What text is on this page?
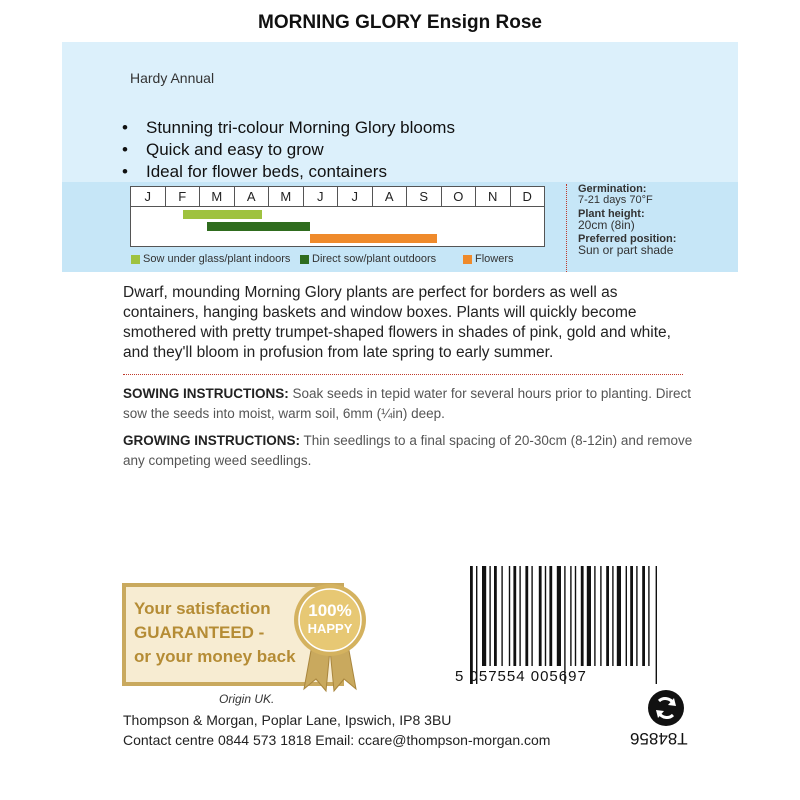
MORNING GLORY Ensign Rose
Hardy Annual
• Stunning tri-colour Morning Glory blooms
• Quick and easy to grow
• Ideal for flower beds, containers
J	F	M	A	M	J	J	A	S	O	N	D
Sow under glass/plant indoors Direct sow/plant outdoors	Flowers
Germination:
7-21 days 70°F
Plant height:
20cm (8in)
Preferred position:
Sun or part shade
Dwarf, mounding Morning Glory plants are perfect for borders as well as containers, hanging baskets and window boxes. Plants will quickly become smothered with pretty trumpet-shaped flowers in shades of pink, gold and white, and they'll bloom in profusion from late spring to early summer.
SOWING INSTRUCTIONS: Soak seeds in tepid water for several hours prior to planting. Direct sow the seeds into moist, warm soil, 6mm (¼in) deep.
GROWING INSTRUCTIONS: Thin seedlings to a final spacing of 20-30cm (8-12in) and remove any competing weed seedlings.
Your satisfaction
GUARANTEED -
or your money back
100%
HAPPY
5 057554 005697
Origin UK.
Thompson & Morgan, Poplar Lane, Ipswich, IP8 3BU
Contact centre 0844 573 1818 Email: ccare@thompson-morgan.com	T84856
